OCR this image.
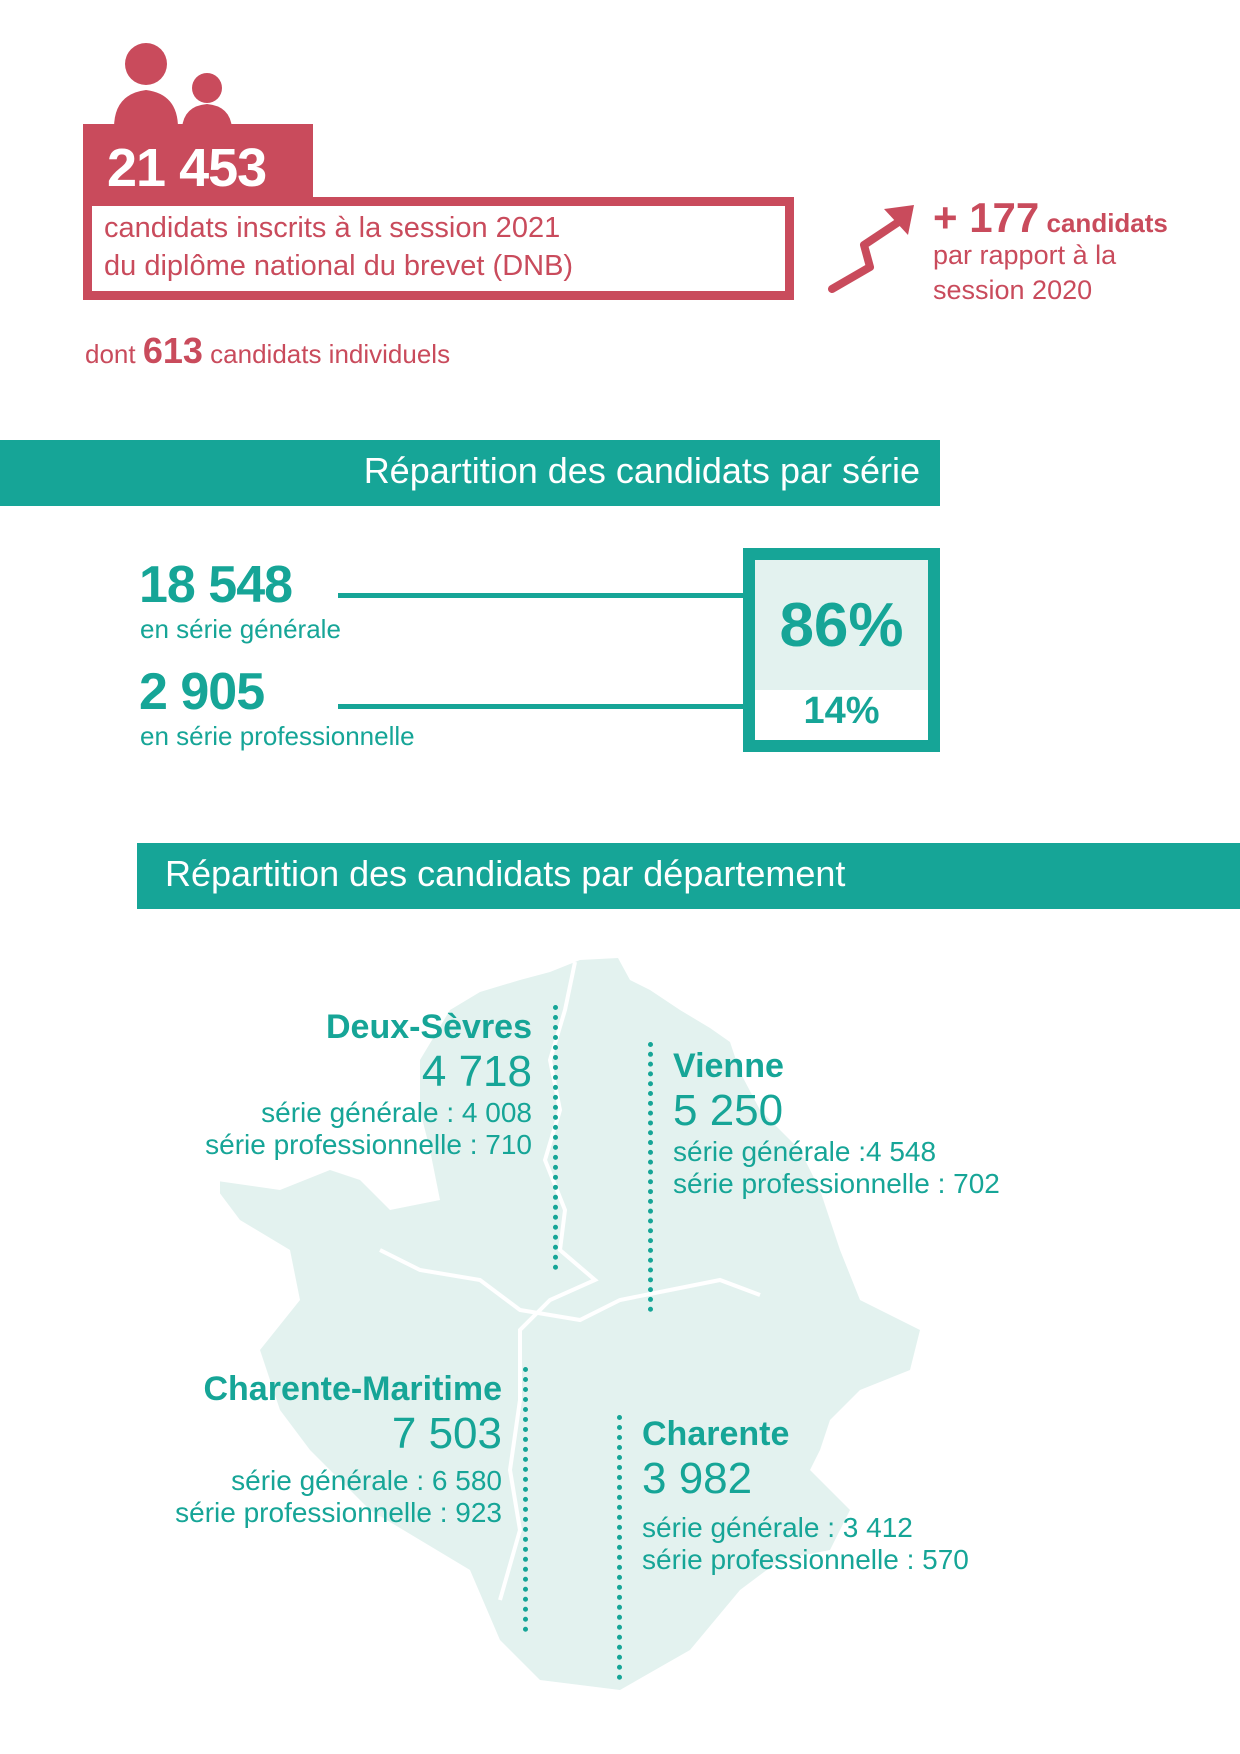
21 453
candidats inscrits à la session 2021
du diplôme national du brevet (DNB)
dont 613 candidats individuels
+ 177 candidats
par rapport à la
session 2020
Répartition des candidats par série
18 548
en série générale
2 905
en série professionnelle
86%
14%
Répartition des candidats par département
Deux-Sèvres
4 718
série générale : 4 008
série professionnelle : 710
Vienne
5 250
série générale :4 548
série professionnelle : 702
Charente-Maritime
7 503
série générale : 6 580
série professionnelle : 923
Charente
3 982
série générale : 3 412
série professionnelle : 570
